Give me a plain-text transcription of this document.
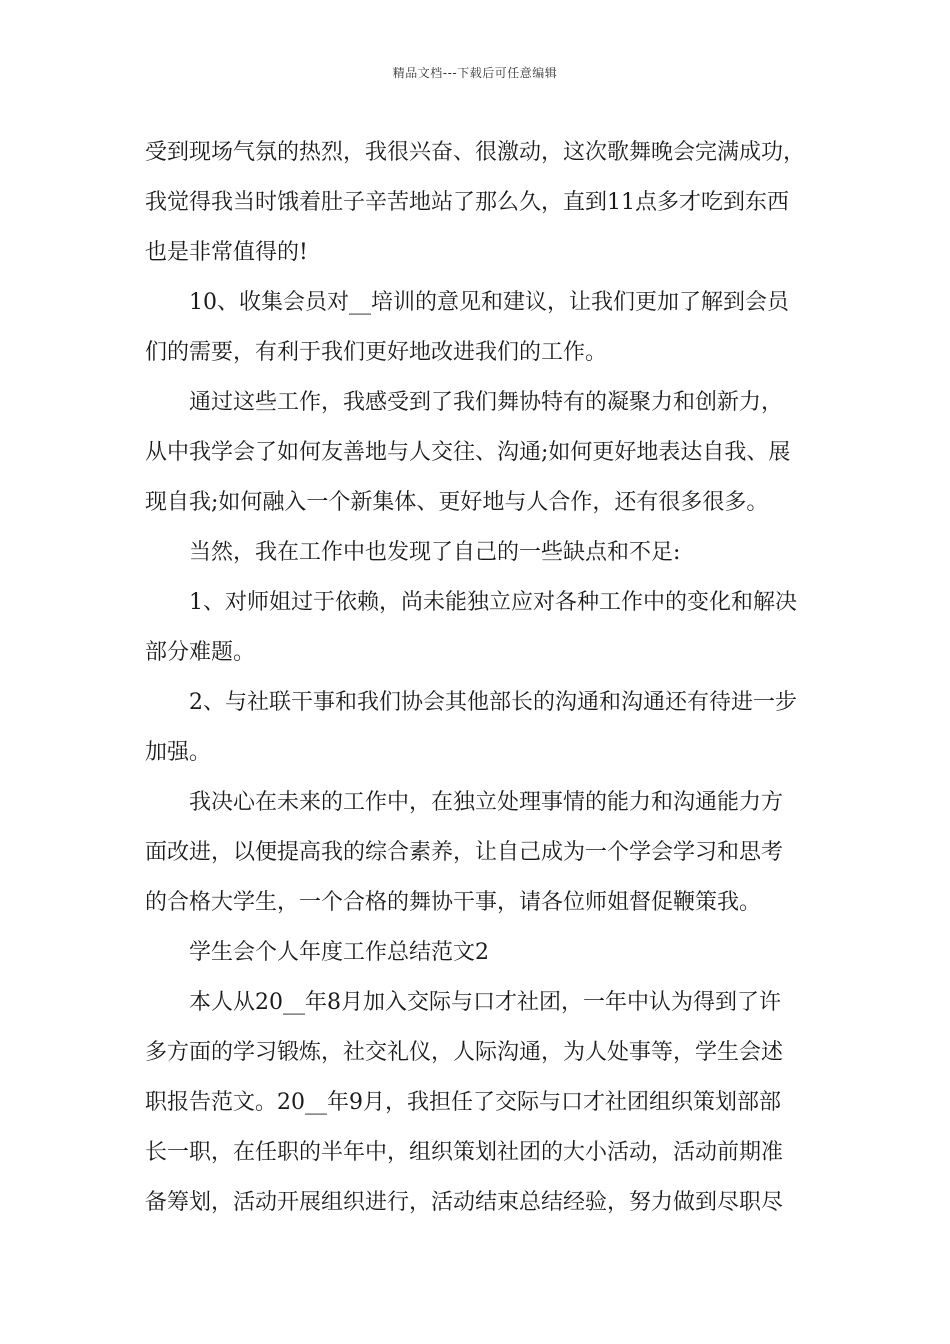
精品文档---下载后可任意编辑
受到现场气氛的热烈，我很兴奋、很激动，这次歌舞晚会完满成功，
我觉得我当时饿着肚子辛苦地站了那么久，直到11点多才吃到东西
也是非常值得的!
10、收集会员对__培训的意见和建议，让我们更加了解到会员
们的需要，有利于我们更好地改进我们的工作。
通过这些工作，我感受到了我们舞协特有的凝聚力和创新力，
从中我学会了如何友善地与人交往、沟通;如何更好地表达自我、展
现自我;如何融入一个新集体、更好地与人合作，还有很多很多。
当然，我在工作中也发现了自己的一些缺点和不足:
1、对师姐过于依赖，尚未能独立应对各种工作中的变化和解决
部分难题。
2、与社联干事和我们协会其他部长的沟通和沟通还有待进一步
加强。
我决心在未来的工作中，在独立处理事情的能力和沟通能力方
面改进，以便提高我的综合素养，让自己成为一个学会学习和思考
的合格大学生，一个合格的舞协干事，请各位师姐督促鞭策我。
学生会个人年度工作总结范文2
本人从20__年8月加入交际与口才社团，一年中认为得到了许
多方面的学习锻炼，社交礼仪，人际沟通，为人处事等，学生会述
职报告范文。20__年9月，我担任了交际与口才社团组织策划部部
长一职，在任职的半年中，组织策划社团的大小活动，活动前期准
备筹划，活动开展组织进行，活动结束总结经验，努力做到尽职尽
